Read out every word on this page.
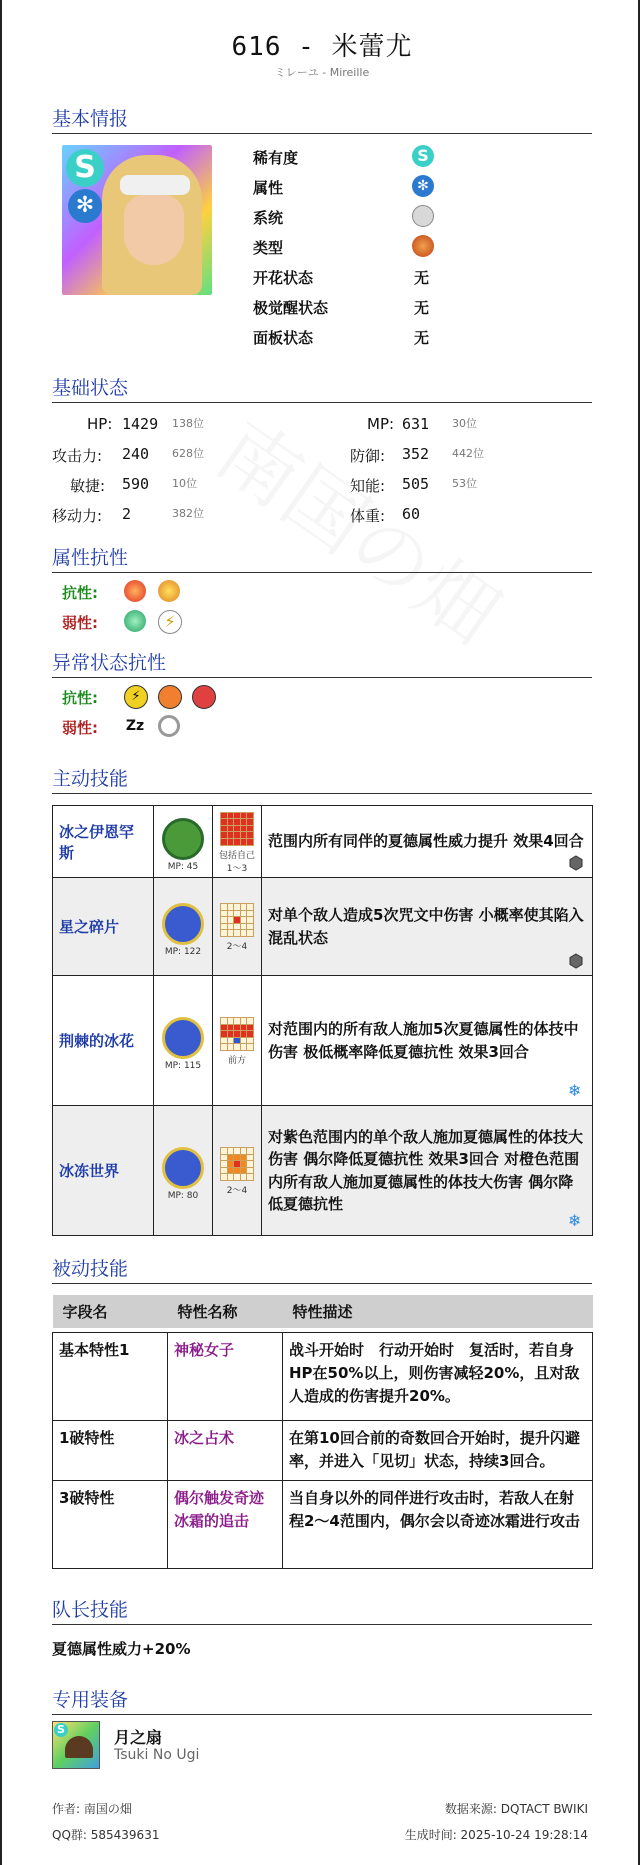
616 - 米蕾尤
ミレーユ - Mireille
基本情报
S
✻
基础状态
HP: 1429 138位	MP: 631 30位
攻击力: 240 628位	防御: 352 442位
敏捷: 590 10位	知能: 505 53位
移动力: 2	382位	体重: 60
属性抗性
抗性:
弱性:	⚡
异常状态抗性
抗性:	⚡
弱性: Zz
主动技能
冰之伊恩罕斯	MP: 45	包括自己
1～3	范围内所有同伴的夏德属性威力提升 效果4回合

星之碎片	MP: 122	2～4	对单个敌人造成5次咒文中伤害 小概率使其陷入混乱状态

荆棘的冰花	MP: 115	前方	对范围内的所有敌人施加5次夏德属性的体技中伤害 极低概率降低夏德抗性 效果3回合
❄

冰冻世界	MP: 80	2～4	对紫色范围内的单个敌人施加夏德属性的体技大伤害 偶尔降低夏德抗性 效果3回合 对橙色范围内所有敌人施加夏德属性的体技大伤害 偶尔降低夏德抗性
❄
被动技能
字段名	特性名称	特性描述

基本特性1	神秘女子	战斗开始时　行动开始时　复活时，若自身HP在50%以上，则伤害减轻20%，且对敌人造成的伤害提升20%。
1破特性	冰之占术	在第10回合前的奇数回合开始时，提升闪避率，并进入「见切」状态，持续3回合。
3破特性	偶尔触发奇迹冰霜的追击	当自身以外的同伴进行攻击时，若敌人在射程2～4范围内，偶尔会以奇迹冰霜进行攻击
队长技能
夏德属性威力+20%
专用装备
S	月之扇
Tsuki No Ugi
作者: 南国の畑
QQ群: 585439631
数据来源: DQTACT BWIKI
生成时间: 2025-10-24 19:28:14
稀有度	S
属性	✻
系统
类型
开花状态	无
极觉醒状态	无
面板状态	无
